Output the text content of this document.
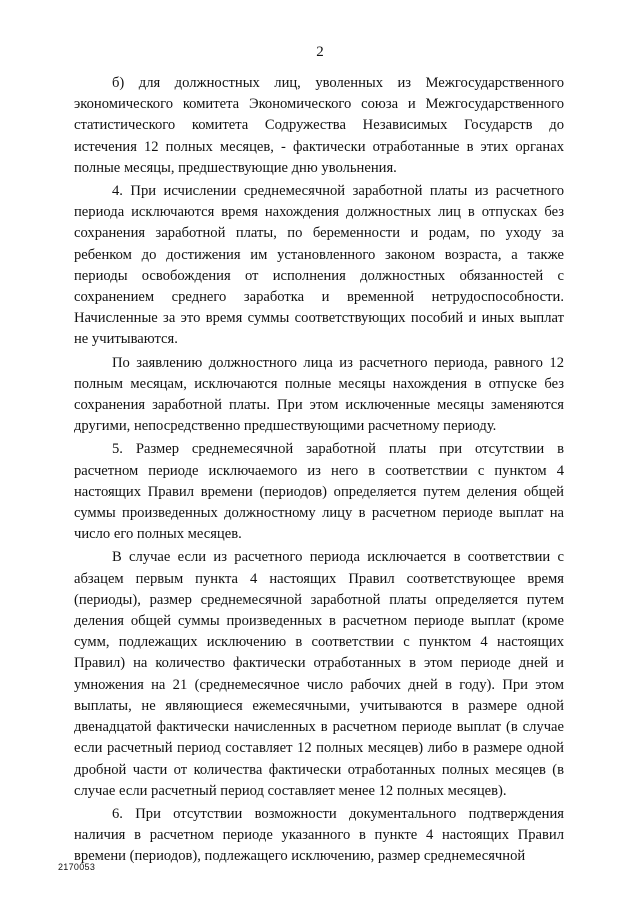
2

б) для должностных лиц, уволенных из Межгосударственного экономического комитета Экономического союза и Межгосударственного статистического комитета Содружества Независимых Государств до истечения 12 полных месяцев, - фактически отработанные в этих органах полные месяцы, предшествующие дню увольнения.

4. При исчислении среднемесячной заработной платы из расчетного периода исключаются время нахождения должностных лиц в отпусках без сохранения заработной платы, по беременности и родам, по уходу за ребенком до достижения им установленного законом возраста, а также периоды освобождения от исполнения должностных обязанностей с сохранением среднего заработка и временной нетрудоспособности. Начисленные за это время суммы соответствующих пособий и иных выплат не учитываются.

По заявлению должностного лица из расчетного периода, равного 12 полным месяцам, исключаются полные месяцы нахождения в отпуске без сохранения заработной платы. При этом исключенные месяцы заменяются другими, непосредственно предшествующими расчетному периоду.

5. Размер среднемесячной заработной платы при отсутствии в расчетном периоде исключаемого из него в соответствии с пунктом 4 настоящих Правил времени (периодов) определяется путем деления общей суммы произведенных должностному лицу в расчетном периоде выплат на число его полных месяцев.

В случае если из расчетного периода исключается в соответствии с абзацем первым пункта 4 настоящих Правил соответствующее время (периоды), размер среднемесячной заработной платы определяется путем деления общей суммы произведенных в расчетном периоде выплат (кроме сумм, подлежащих исключению в соответствии с пунктом 4 настоящих Правил) на количество фактически отработанных в этом периоде дней и умножения на 21 (среднемесячное число рабочих дней в году). При этом выплаты, не являющиеся ежемесячными, учитываются в размере одной двенадцатой фактически начисленных в расчетном периоде выплат (в случае если расчетный период составляет 12 полных месяцев) либо в размере одной дробной части от количества фактически отработанных полных месяцев (в случае если расчетный период составляет менее 12 полных месяцев).

6. При отсутствии возможности документального подтверждения наличия в расчетном периоде указанного в пункте 4 настоящих Правил времени (периодов), подлежащего исключению, размер среднемесячной

2170053
